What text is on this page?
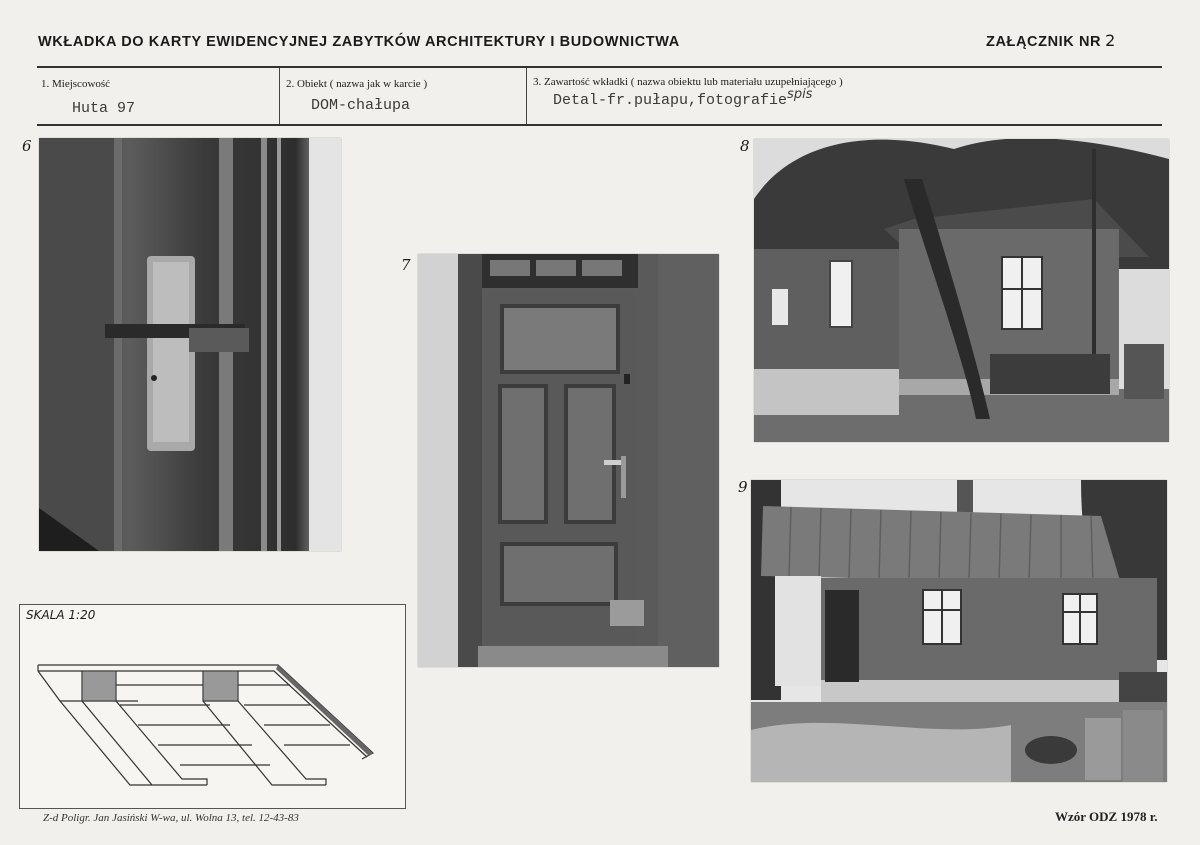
WKŁADKA DO KARTY EWIDENCYJNEJ ZABYTKÓW ARCHITEKTURY I BUDOWNICTWA	ZAŁĄCZNIK NR 2
1. Miejscowość
Huta 97
2. Obiekt ( nazwa jak w karcie )
DOM-chałupa
3. Zawartość wkładki ( nazwa obiektu lub materiału uzupełniającego )
Detal-fr.pułapu,fotografiespis
6
7
8
9
SKALA 1:20
Z-d Poligr. Jan Jasiński W-wa, ul. Wolna 13, tel. 12-43-83	Wzór ODZ 1978 r.
